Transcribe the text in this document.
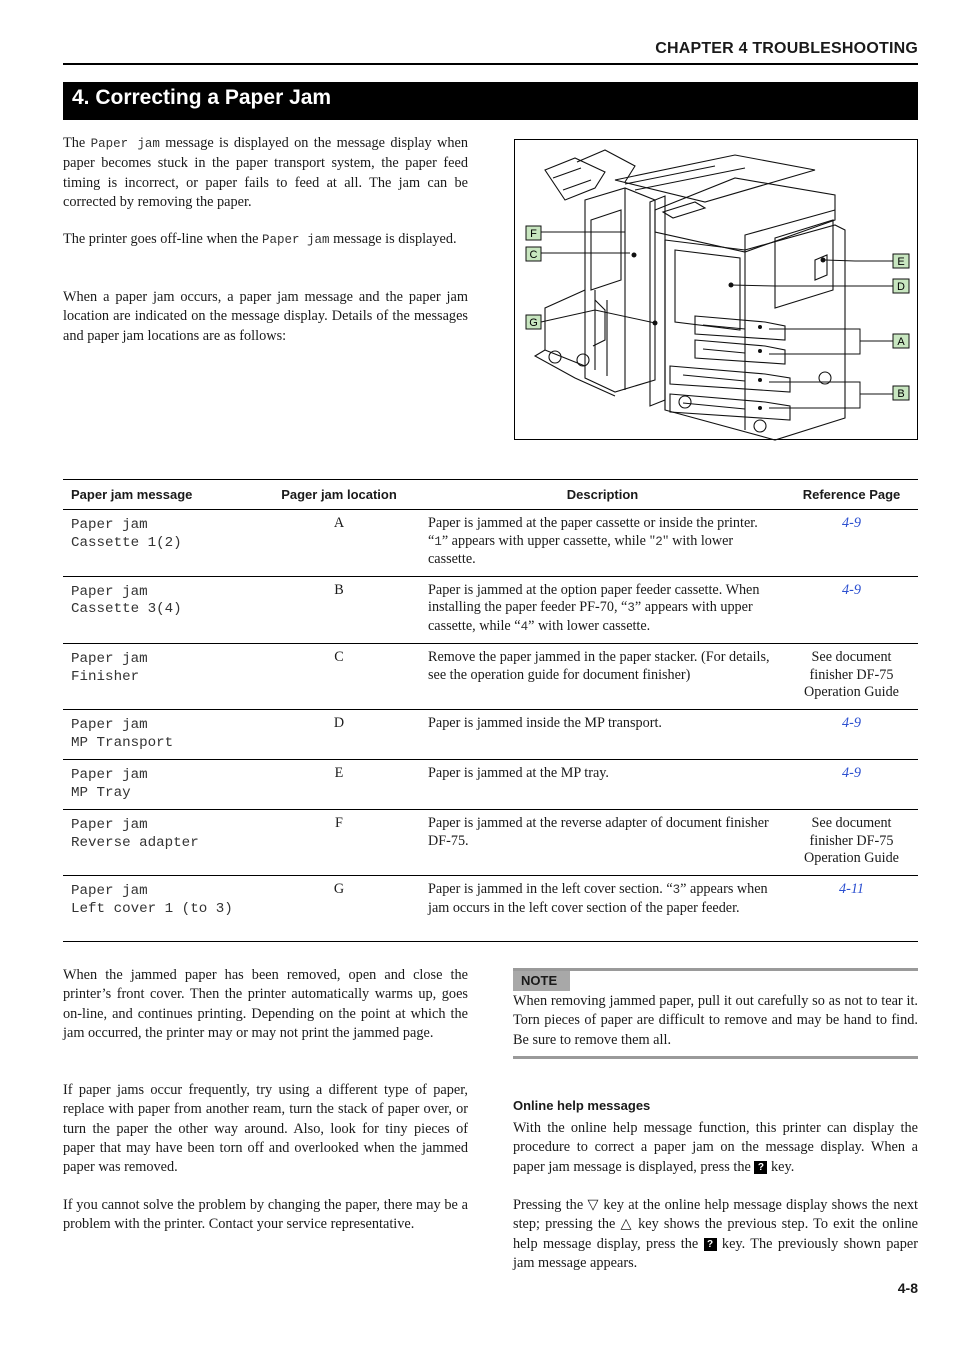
CHAPTER 4 TROUBLESHOOTING
4. Correcting a Paper Jam
The Paper jam message is displayed on the message display when paper becomes stuck in the paper transport system, the paper feed timing is incorrect, or paper fails to feed at all. The jam can be corrected by removing the paper.
The printer goes off-line when the Paper jam message is displayed.
When a paper jam occurs, a paper jam message and the paper jam location are indicated on the message display. Details of the messages and paper jam locations are as follows:
F
C
G
E
D
A
B
Paper jam message	Pager jam location	Description	Reference Page
Paper jam
Cassette 1(2)	A	Paper is jammed at the paper cassette or inside the printer. “1” appears with upper cassette, while "2" with lower cassette.	4-9
Paper jam
Cassette 3(4)	B	Paper is jammed at the option paper feeder cassette. When installing the paper feeder PF-70, “3” appears with upper cassette, while “4” with lower cassette.	4-9
Paper jam
Finisher	C	Remove the paper jammed in the paper stacker. (For details, see the operation guide for document finisher)	See document finisher DF-75 Operation Guide
Paper jam
MP Transport	D	Paper is jammed inside the MP transport.	4-9
Paper jam
MP Tray	E	Paper is jammed at the MP tray.	4-9
Paper jam
Reverse adapter	F	Paper is jammed at the reverse adapter of document finisher DF-75.	See document finisher DF-75 Operation Guide
Paper jam
Left cover 1 (to 3)	G	Paper is jammed in the left cover section. “3” appears when jam occurs in the left cover section of the paper feeder.	4-11
When the jammed paper has been removed, open and close the printer’s front cover. Then the printer automatically warms up, goes on-line, and continues printing. Depending on the point at which the jam occurred, the printer may or may not print the jammed page.
If paper jams occur frequently, try using a different type of paper, replace with paper from another ream, turn the stack of paper over, or turn the paper the other way around. Also, look for tiny pieces of paper that may have been torn off and overlooked when the jammed paper was removed.
If you cannot solve the problem by changing the paper, there may be a problem with the printer. Contact your service representative.
NOTE
When removing jammed paper, pull it out carefully so as not to tear it. Torn pieces of paper are difficult to remove and may be hand to find. Be sure to remove them all.
Online help messages
With the online help message function, this printer can display the procedure to correct a paper jam on the message display. When a paper jam message is displayed, press the ? key.
Pressing the ▽ key at the online help message display shows the next step; pressing the △ key shows the previous step. To exit the online help message display, press the ? key. The previously shown paper jam message appears.
4-8
